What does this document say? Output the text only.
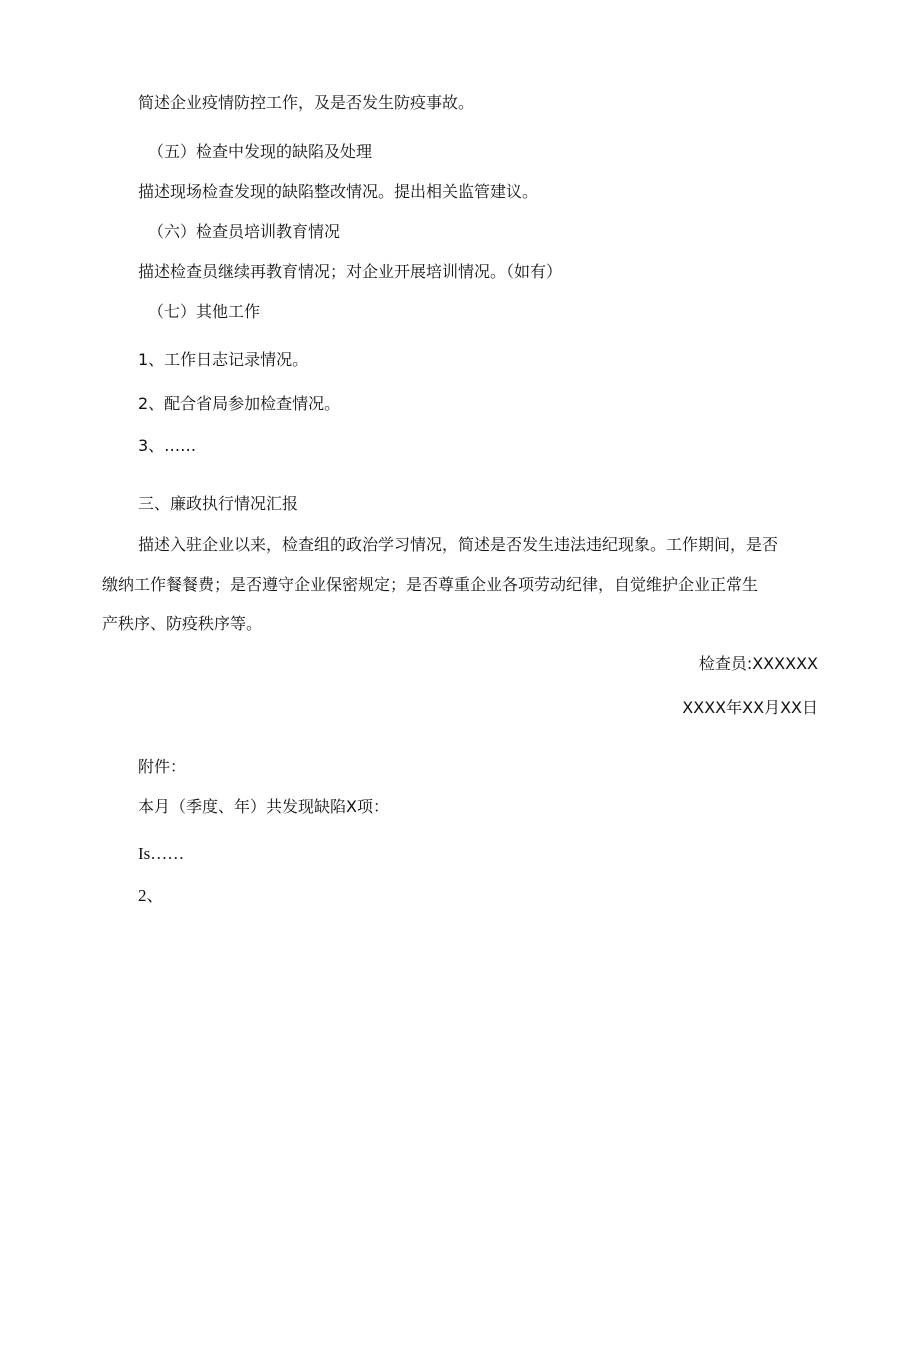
简述企业疫情防控工作，及是否发生防疫事故。
（五）检查中发现的缺陷及处理
描述现场检查发现的缺陷整改情况。提出相关监管建议。
（六）检查员培训教育情况
描述检查员继续再教育情况；对企业开展培训情况。（如有）
（七）其他工作
1、工作日志记录情况。
2、配合省局参加检查情况。
3、……
三、廉政执行情况汇报
描述入驻企业以来，检查组的政治学习情况，简述是否发生违法违纪现象。工作期间，是否
缴纳工作餐餐费；是否遵守企业保密规定；是否尊重企业各项劳动纪律，自觉维护企业正常生
产秩序、防疫秩序等。
检查员:XXXXXX
XXXX年XX月XX日
附件：
本月（季度、年）共发现缺陷X项：
Is……
2、
